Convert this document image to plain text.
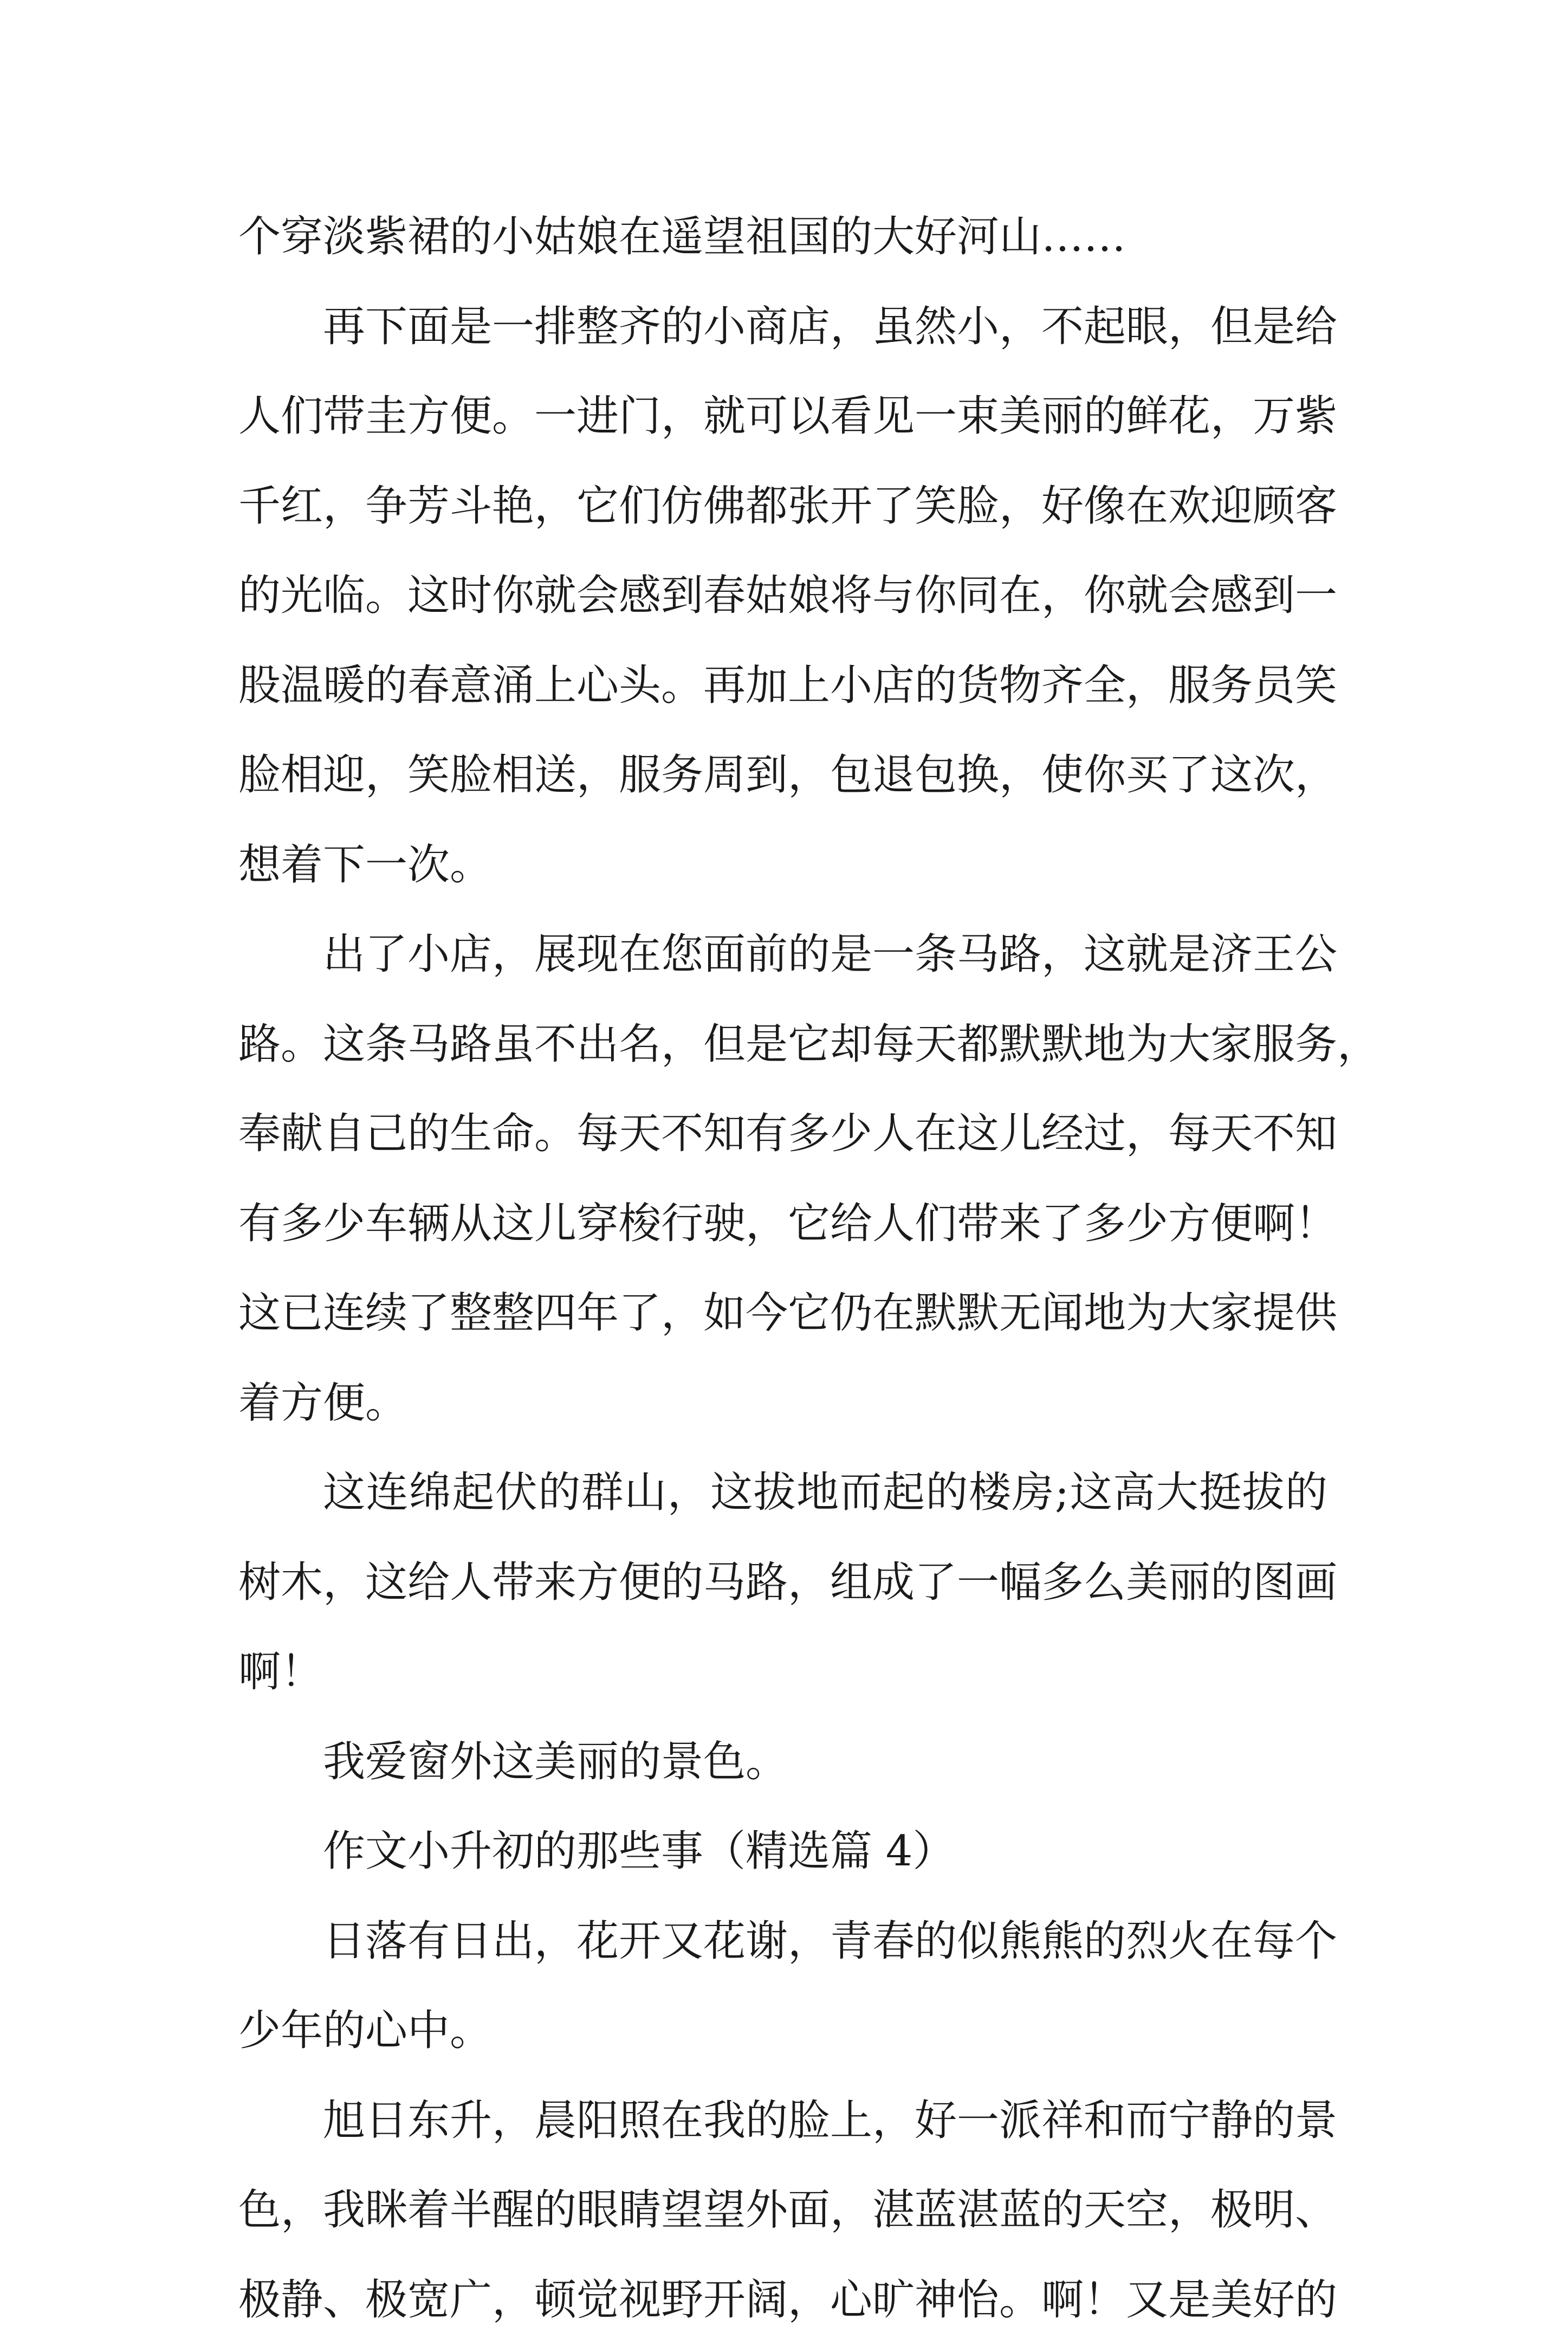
个穿淡紫裙的小姑娘在遥望祖国的大好河山……
再下面是一排整齐的小商店，虽然小，不起眼，但是给
人们带圭方便。一进门，就可以看见一束美丽的鲜花，万紫
千红，争芳斗艳，它们仿佛都张开了笑脸，好像在欢迎顾客
的光临。这时你就会感到春姑娘将与你同在，你就会感到一
股温暖的春意涌上心头。再加上小店的货物齐全，服务员笑
脸相迎，笑脸相送，服务周到，包退包换，使你买了这次，
想着下一次。
出了小店，展现在您面前的是一条马路，这就是济王公
路。这条马路虽不出名，但是它却每天都默默地为大家服务，
奉献自己的生命。每天不知有多少人在这儿经过，每天不知
有多少车辆从这儿穿梭行驶，它给人们带来了多少方便啊！
这已连续了整整四年了，如今它仍在默默无闻地为大家提供
着方便。
这连绵起伏的群山，这拔地而起的楼房;这高大挺拔的
树木，这给人带来方便的马路，组成了一幅多么美丽的图画
啊！
我爱窗外这美丽的景色。
作文小升初的那些事（精选篇 4）
日落有日出，花开又花谢，青春的似熊熊的烈火在每个
少年的心中。
旭日东升，晨阳照在我的脸上，好一派祥和而宁静的景
色，我眯着半醒的眼睛望望外面，湛蓝湛蓝的天空，极明、
极静、极宽广，顿觉视野开阔，心旷神怡。啊！又是美好的
